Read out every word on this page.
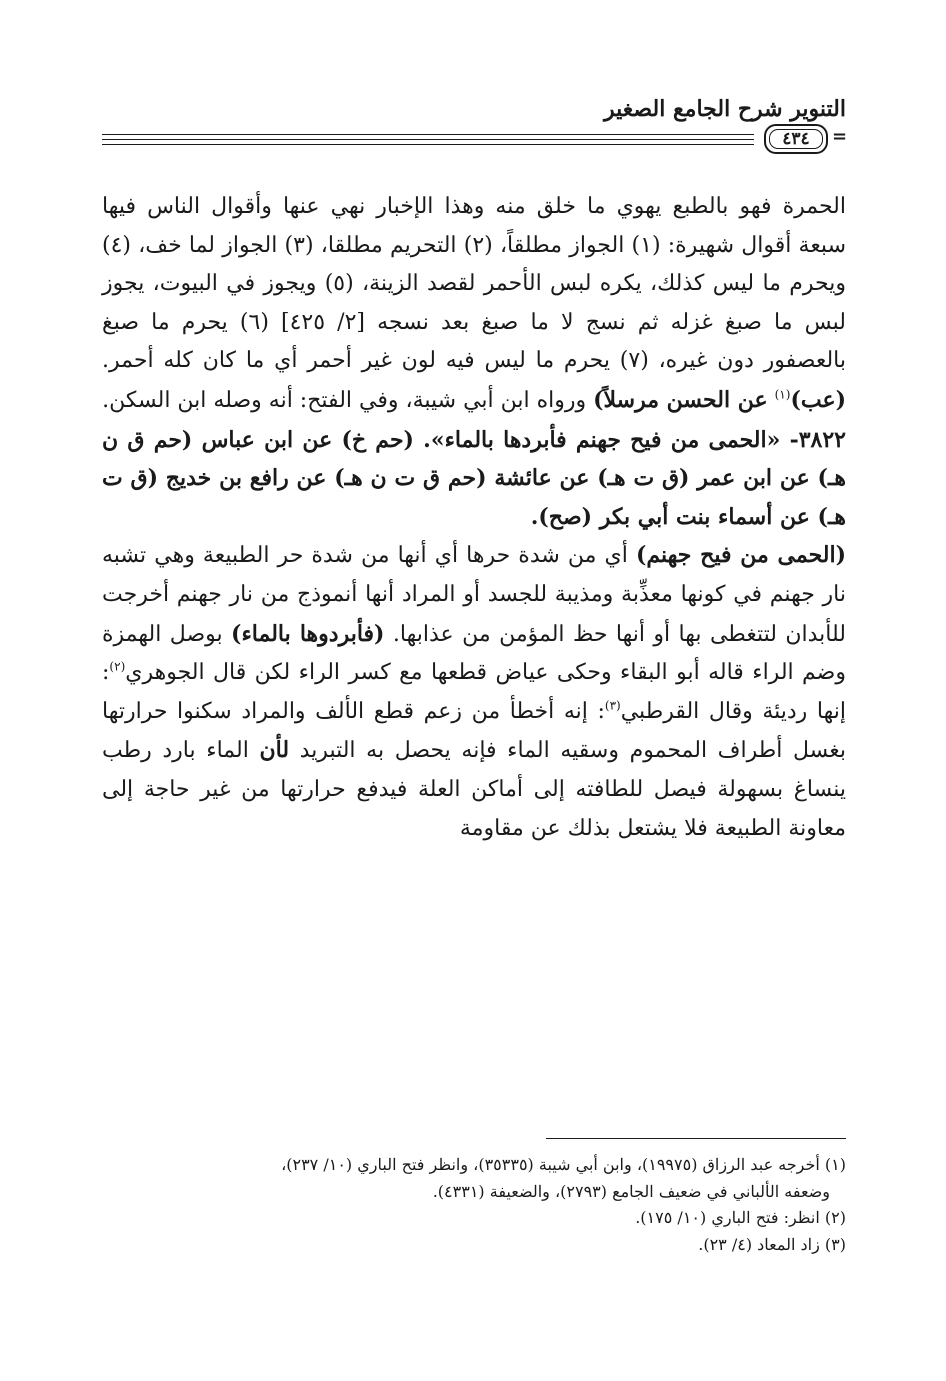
التنوير شرح الجامع الصغير
٤٣٤	=

الحمرة فهو بالطبع يهوي ما خلق منه وهذا الإخبار نهي عنها وأقوال الناس فيها سبعة أقوال شهيرة: (١) الجواز مطلقاً، (٢) التحريم مطلقا، (٣) الجواز لما خف، (٤) ويحرم ما ليس كذلك، يكره لبس الأحمر لقصد الزينة، (٥) ويجوز في البيوت، يجوز لبس ما صبغ غزله ثم نسج لا ما صبغ بعد نسجه [٢/ ٤٢٥] (٦) يحرم ما صبغ بالعصفور دون غيره، (٧) يحرم ما ليس فيه لون غير أحمر أي ما كان كله أحمر. (عب)$^{(١)}$ عن الحسن مرسلاً) ورواه ابن أبي شيبة، وفي الفتح: أنه وصله ابن السكن.

٣٨٢٢- «الحمى من فيح جهنم فأبردها بالماء». (حم خ) عن ابن عباس (حم ق ن هـ) عن ابن عمر (ق ت هـ) عن عائشة (حم ق ت ن هـ) عن رافع بن خديج (ق ت هـ) عن أسماء بنت أبي بكر (صح).

(الحمى من فيح جهنم) أي من شدة حرها أي أنها من شدة حر الطبيعة وهي تشبه نار جهنم في كونها معذِّبة ومذيبة للجسد أو المراد أنها أنموذج من نار جهنم أخرجت للأبدان لتتغطى بها أو أنها حظ المؤمن من عذابها. (فأبردوها بالماء) بوصل الهمزة وضم الراء قاله أبو البقاء وحكى عياض قطعها مع كسر الراء لكن قال الجوهري$^{(٢)}$: إنها رديئة وقال القرطبي$^{(٣)}$: إنه أخطأ من زعم قطع الألف والمراد سكنوا حرارتها بغسل أطراف المحموم وسقيه الماء فإنه يحصل به التبريد لأن الماء بارد رطب ينساغ بسهولة فيصل للطافته إلى أماكن العلة فيدفع حرارتها من غير حاجة إلى معاونة الطبيعة فلا يشتعل بذلك عن مقاومة

(١) أخرجه عبد الرزاق (١٩٩٧٥)، وابن أبي شيبة (٣٥٣٣٥)، وانظر فتح الباري (١٠/ ٢٣٧)،
وضعفه الألباني في ضعيف الجامع (٢٧٩٣)، والضعيفة (٤٣٣١).
(٢) انظر: فتح الباري (١٠/ ١٧٥).
(٣) زاد المعاد (٤/ ٢٣).
